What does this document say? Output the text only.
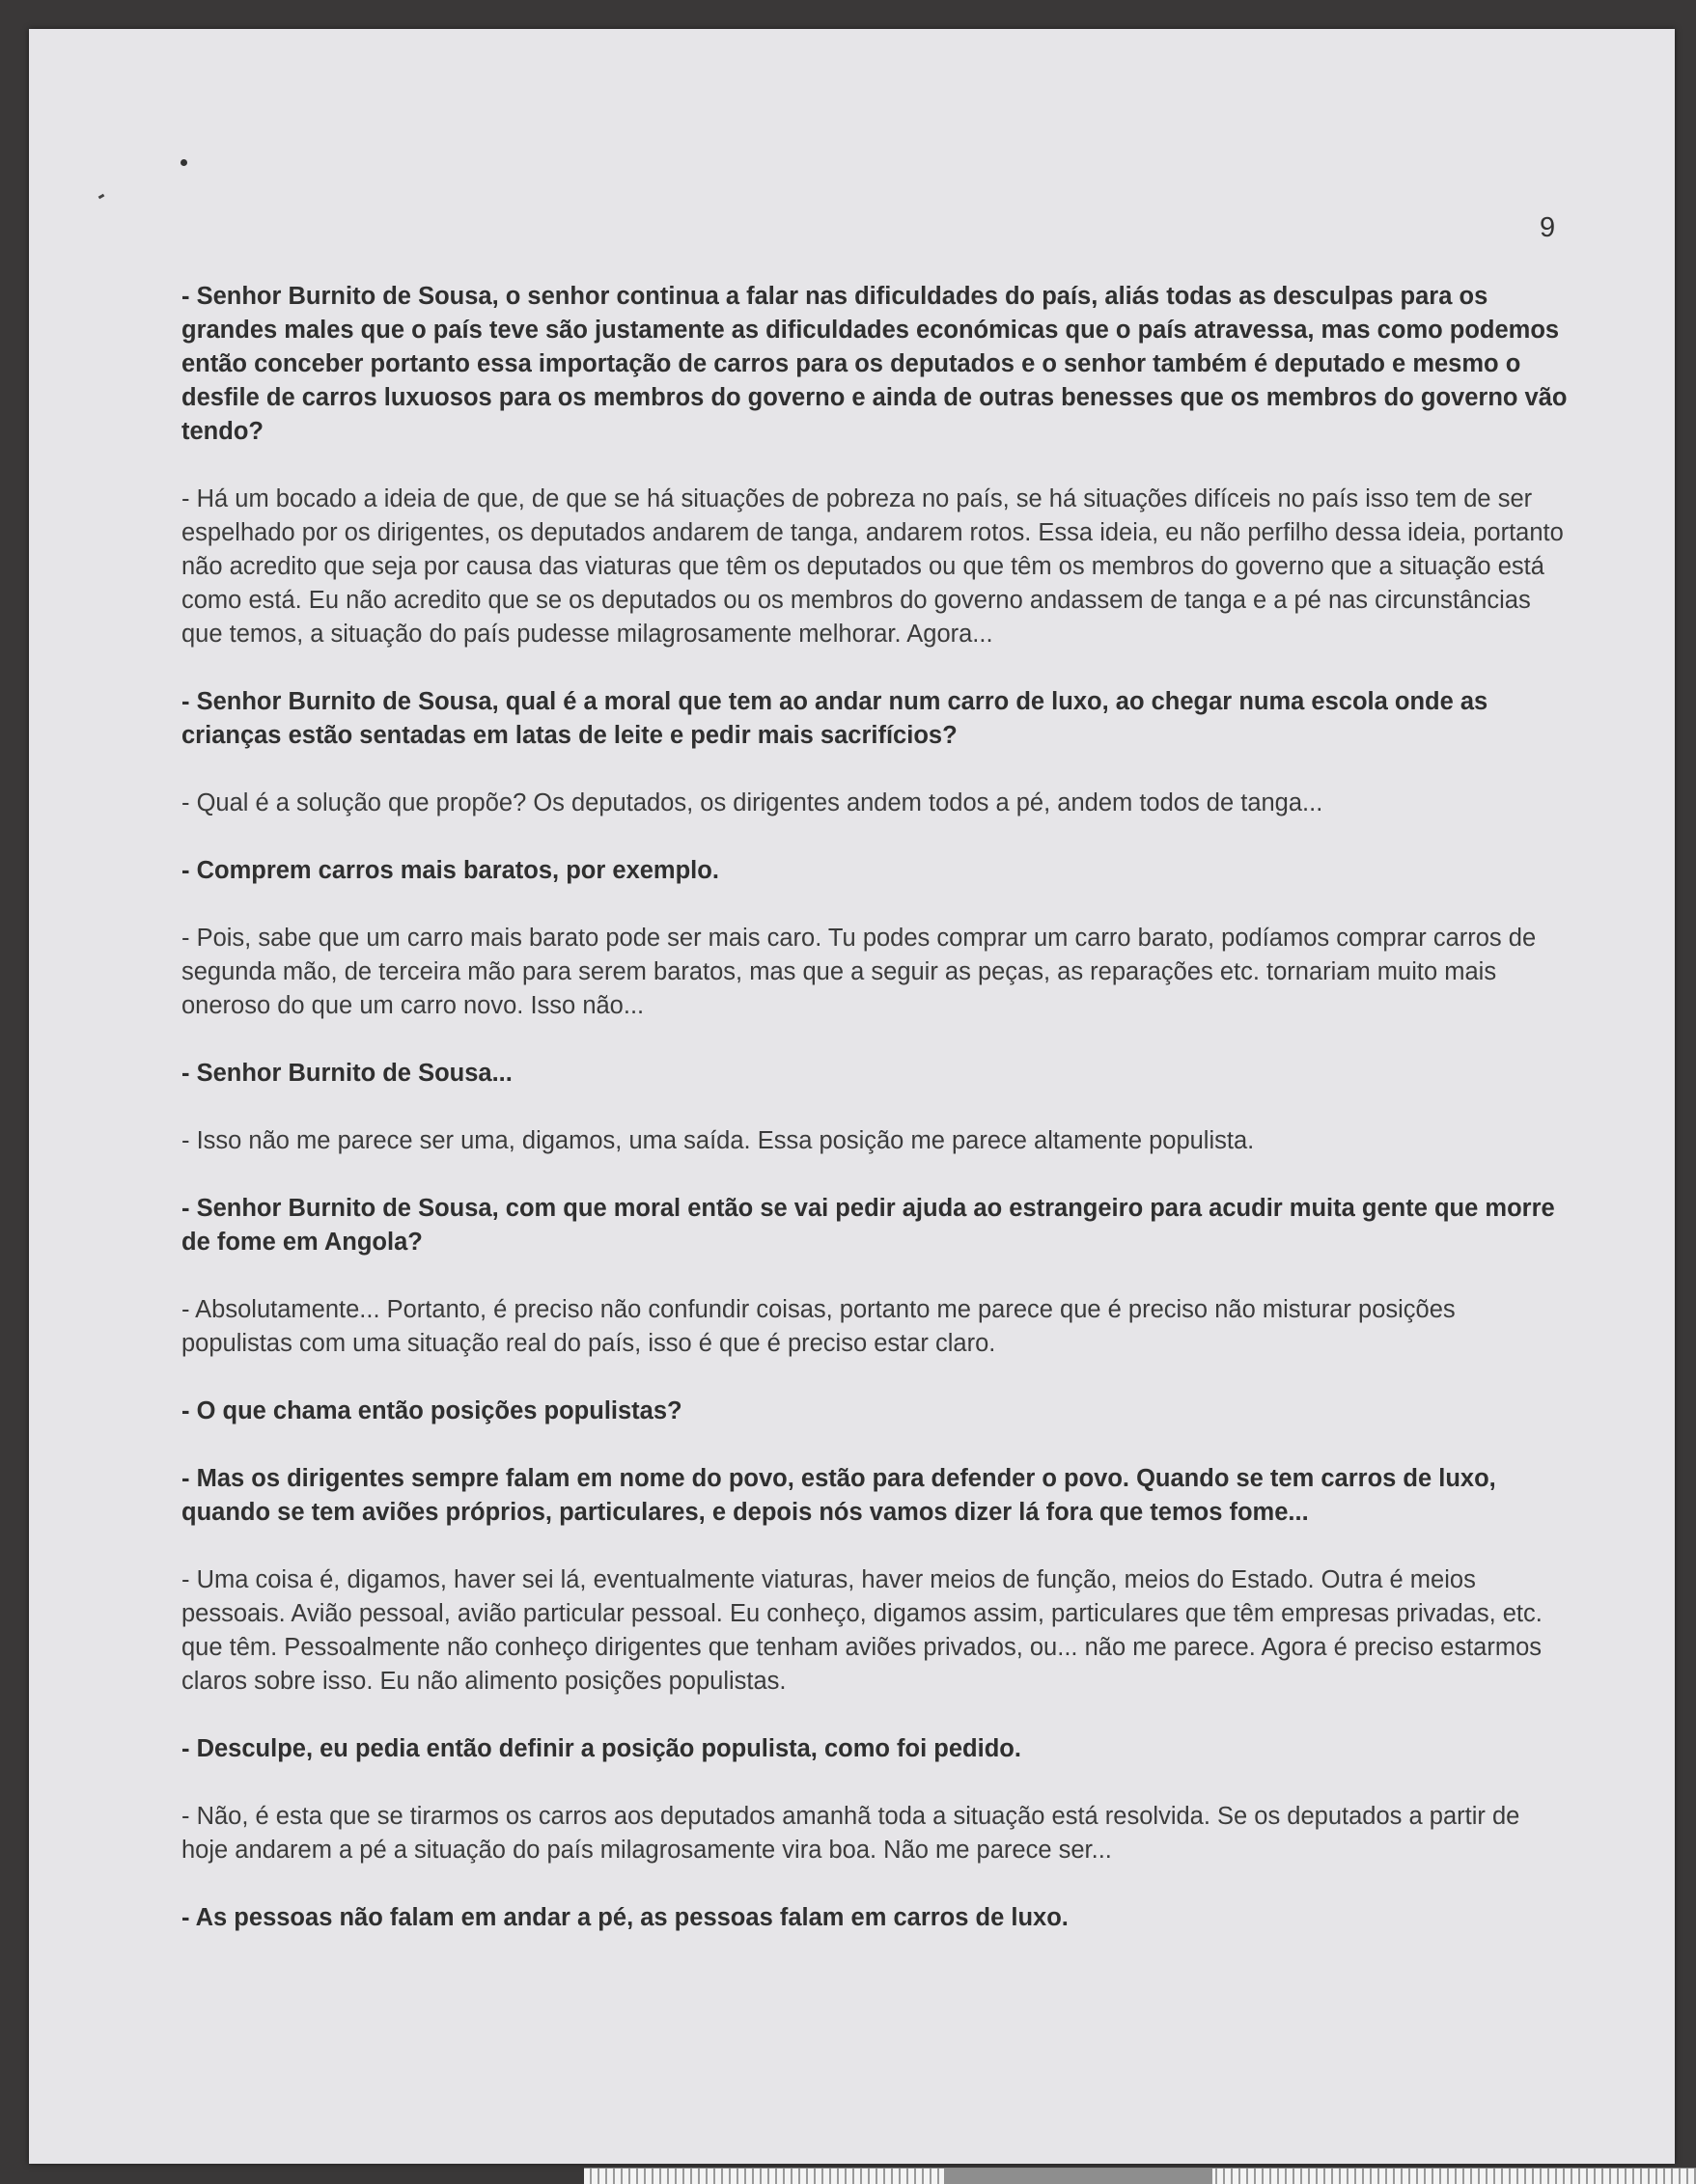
9

- Senhor Burnito de Sousa, o senhor continua a falar nas dificuldades do país, aliás todas as desculpas para os grandes males que o país teve são justamente as dificuldades económicas que o país atravessa, mas como podemos então conceber portanto essa importação de carros para os deputados e o senhor também é deputado e mesmo o desfile de carros luxuosos para os membros do governo e ainda de outras benesses que os membros do governo vão tendo?

- Há um bocado a ideia de que, de que se há situações de pobreza no país, se há situações difíceis no país isso tem de ser espelhado por os dirigentes, os deputados andarem de tanga, andarem rotos. Essa ideia, eu não perfilho dessa ideia, portanto não acredito que seja por causa das viaturas que têm os deputados ou que têm os membros do governo que a situação está como está. Eu não acredito que se os deputados ou os membros do governo andassem de tanga e a pé nas circunstâncias que temos, a situação do país pudesse milagrosamente melhorar. Agora...

- Senhor Burnito de Sousa, qual é a moral que tem ao andar num carro de luxo, ao chegar numa escola onde as crianças estão sentadas em latas de leite e pedir mais sacrifícios?

- Qual é a solução que propõe? Os deputados, os dirigentes andem todos a pé, andem todos de tanga...

- Comprem carros mais baratos, por exemplo.

- Pois, sabe que um carro mais barato pode ser mais caro. Tu podes comprar um carro barato, podíamos comprar carros de segunda mão, de terceira mão para serem baratos, mas que a seguir as peças, as reparações etc. tornariam muito mais oneroso do que um carro novo. Isso não...

- Senhor Burnito de Sousa...

- Isso não me parece ser uma, digamos, uma saída. Essa posição me parece altamente populista.

- Senhor Burnito de Sousa, com que moral então se vai pedir ajuda ao estrangeiro para acudir muita gente que morre de fome em Angola?

- Absolutamente... Portanto, é preciso não confundir coisas, portanto me parece que é preciso não misturar posições populistas com uma situação real do país, isso é que é preciso estar claro.

- O que chama então posições populistas?

- Mas os dirigentes sempre falam em nome do povo, estão para defender o povo. Quando se tem carros de luxo, quando se tem aviões próprios, particulares, e depois nós vamos dizer lá fora que temos fome...

- Uma coisa é, digamos, haver sei lá, eventualmente viaturas, haver meios de função, meios do Estado. Outra é meios pessoais. Avião pessoal, avião particular pessoal. Eu conheço, digamos assim, particulares que têm empresas privadas, etc. que têm. Pessoalmente não conheço dirigentes que tenham aviões privados, ou... não me parece. Agora é preciso estarmos claros sobre isso. Eu não alimento posições populistas.

- Desculpe, eu pedia então definir a posição populista, como foi pedido.

- Não, é esta que se tirarmos os carros aos deputados amanhã toda a situação está resolvida. Se os deputados a partir de hoje andarem a pé a situação do país milagrosamente vira boa. Não me parece ser...

- As pessoas não falam em andar a pé, as pessoas falam em carros de luxo.
